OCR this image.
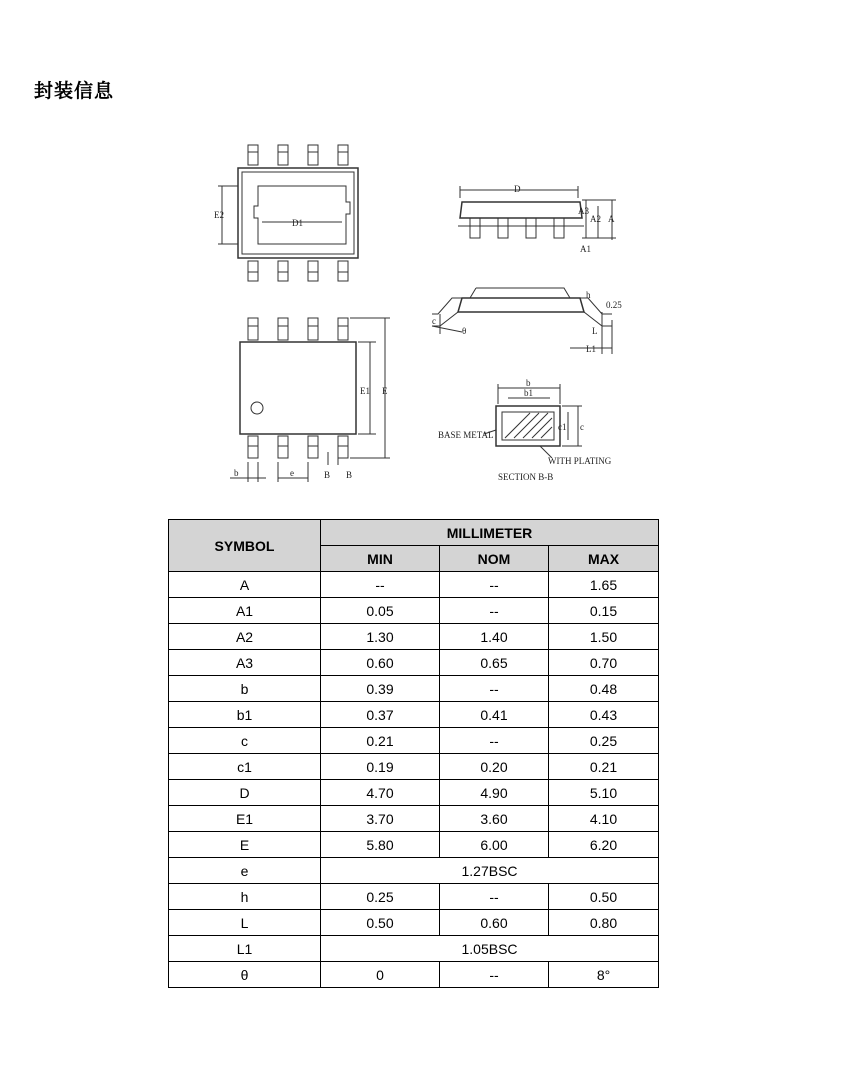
封装信息
D1
E2
E1 E
b	e	B B
D
A3
A2 A
A1
h
0.25
L
L1
c
θ
b
b1
c1 c
BASE METAL
WITH PLATING
SECTION B-B
SYMBOL	MILLIMETER		
	MIN	NOM	MAX
A	--	--	1.65
A1	0.05	--	0.15
A2	1.30	1.40	1.50
A3	0.60	0.65	0.70
b	0.39	--	0.48
b1	0.37	0.41	0.43
c	0.21	--	0.25
c1	0.19	0.20	0.21
D	4.70	4.90	5.10
E1	3.70	3.60	4.10
E	5.80	6.00	6.20
e	1.27BSC		
h	0.25	--	0.50
L	0.50	0.60	0.80
L1	1.05BSC		
θ	0	--	8°
